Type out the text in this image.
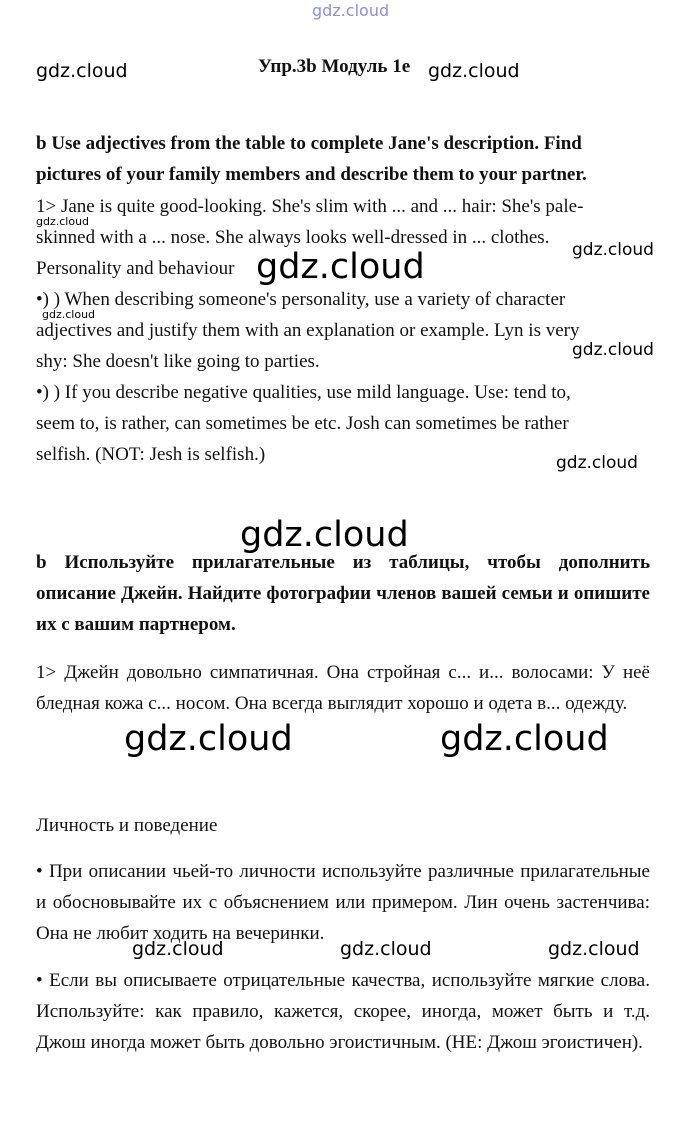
gdz.cloud
gdz.cloud	Упр.3b Модуль 1e gdz.cloud
b Use adjectives from the table to complete Jane's description. Find
pictures of your family members and describe them to your partner.
1> Jane is quite good-looking. She's slim with ... and ... hair: She's pale-
skinned with a ... nose. She always looks well-dressed in ... clothes.
Personality and behaviour
•) ) When describing someone's personality, use a variety of character
adjectives and justify them with an explanation or example. Lyn is very
shy: She doesn't like going to parties.
•) ) If you describe negative qualities, use mild language. Use: tend to,
seem to, is rather, can sometimes be etc. Josh can sometimes be rather
selfish. (NOT: Jesh is selfish.)
gdz.cloud
gdz.cloud	gdz.cloud
gdz.cloud
gdz.cloud
gdz.cloud
gdz.cloud
b Используйте прилагательные из таблицы, чтобы дополнить описание Джейн. Найдите фотографии членов вашей семьи и опишите их с вашим партнером.
1> Джейн довольно симпатичная. Она стройная с... и... волосами: У неё бледная кожа с... носом. Она всегда выглядит хорошо и одета в... одежду.
gdz.cloud	gdz.cloud
Личность и поведение
• При описании чьей-то личности используйте различные прилагательные и обосновывайте их с объяснением или примером. Лин очень застенчива: Она не любит ходить на вечеринки.
gdz.cloud	gdz.cloud	gdz.cloud
• Если вы описываете отрицательные качества, используйте мягкие слова. Используйте: как правило, кажется, скорее, иногда, может быть и т.д. Джош иногда может быть довольно эгоистичным. (НЕ: Джош эгоистичен).
